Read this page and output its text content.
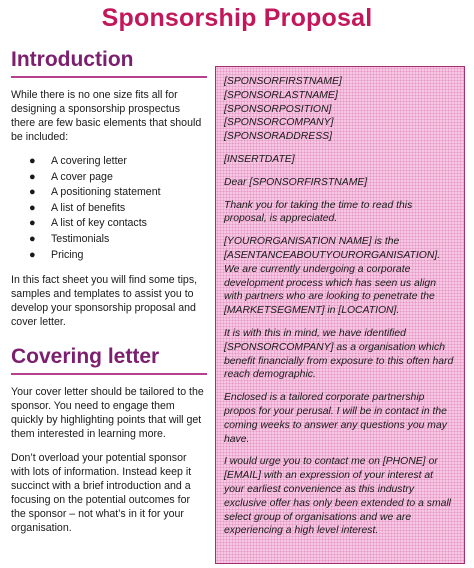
Sponsorship Proposal
Introduction

While there is no one size fits all for designing a sponsorship prospectus there are few basic elements that should be included:

● A covering letter
● A cover page
● A positioning statement
● A list of benefits
● A list of key contacts
● Testimonials
● Pricing

In this fact sheet you will find some tips, samples and templates to assist you to develop your sponsorship proposal and cover letter.

Covering letter

Your cover letter should be tailored to the sponsor. You need to engage them quickly by highlighting points that will get them interested in learning more.

Don’t overload your potential sponsor with lots of information. Instead keep it succinct with a brief introduction and a focusing on the potential outcomes for the sponsor – not what’s in it for your organisation.

[SPONSORFIRSTNAME] [SPONSORLASTNAME]
[SPONSORPOSITION]
[SPONSORCOMPANY]
[SPONSORADDRESS]

[INSERTDATE]

Dear [SPONSORFIRSTNAME]

Thank you for taking the time to read this proposal, is appreciated.

[YOURORGANISATION NAME] is the [ASENTANCEABOUTYOURORGANISATION]. We are currently undergoing a corporate development process which has seen us align with partners who are looking to penetrate the [MARKETSEGMENT] in [LOCATION].

It is with this in mind, we have identified [SPONSORCOMPANY] as a organisation which benefit financially from exposure to this often hard reach demographic.

Enclosed is a tailored corporate partnership propos for your perusal. I will be in contact in the coming weeks to answer any questions you may have.

I would urge you to contact me on [PHONE] or [EMAIL] with an expression of your interest at your earliest convenience as this industry exclusive offer has only been extended to a small select group of organisations and we are experiencing a high level interest.
